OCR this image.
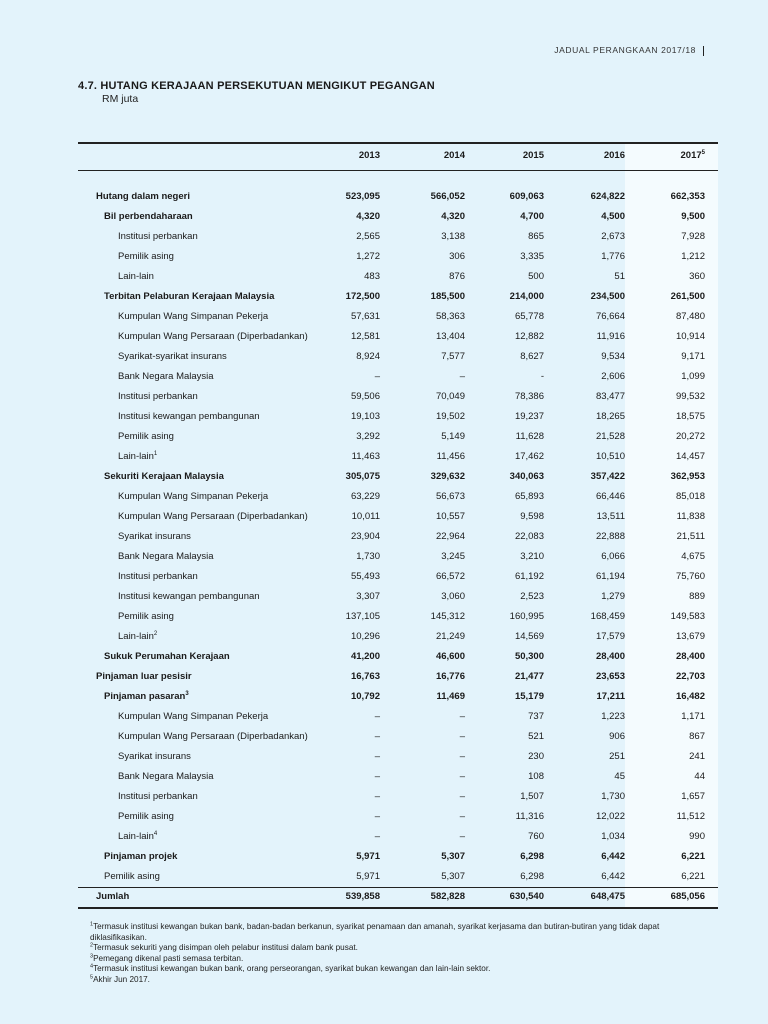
JADUAL PERANGKAAN 2017/18
4.7. HUTANG KERAJAAN PERSEKUTUAN MENGIKUT PEGANGAN
RM juta
2013	2014	2015	2016	2017$^5$
Hutang dalam negeri	523,095	566,052	609,063	624,822	662,353
Bil perbendaharaan	4,320	4,320	4,700	4,500	9,500
Institusi perbankan	2,565	3,138	865	2,673	7,928
Pemilik asing	1,272	306	3,335	1,776	1,212
Lain-lain	483	876	500	51	360
Terbitan Pelaburan Kerajaan Malaysia	172,500	185,500	214,000	234,500	261,500
Kumpulan Wang Simpanan Pekerja	57,631	58,363	65,778	76,664	87,480
Kumpulan Wang Persaraan (Diperbadankan)	12,581	13,404	12,882	11,916	10,914
Syarikat-syarikat insurans	8,924	7,577	8,627	9,534	9,171
Bank Negara Malaysia	–	–	-	2,606	1,099
Institusi perbankan	59,506	70,049	78,386	83,477	99,532
Institusi kewangan pembangunan	19,103	19,502	19,237	18,265	18,575
Pemilik asing	3,292	5,149	11,628	21,528	20,272
Lain-lain$^1$	11,463	11,456	17,462	10,510	14,457
Sekuriti Kerajaan Malaysia	305,075	329,632	340,063	357,422	362,953
Kumpulan Wang Simpanan Pekerja	63,229	56,673	65,893	66,446	85,018
Kumpulan Wang Persaraan (Diperbadankan)	10,011	10,557	9,598	13,511	11,838
Syarikat insurans	23,904	22,964	22,083	22,888	21,511
Bank Negara Malaysia	1,730	3,245	3,210	6,066	4,675
Institusi perbankan	55,493	66,572	61,192	61,194	75,760
Institusi kewangan pembangunan	3,307	3,060	2,523	1,279	889
Pemilik asing	137,105	145,312	160,995	168,459	149,583
Lain-lain$^2$	10,296	21,249	14,569	17,579	13,679
Sukuk Perumahan Kerajaan	41,200	46,600	50,300	28,400	28,400
Pinjaman luar pesisir	16,763	16,776	21,477	23,653	22,703
Pinjaman pasaran$^3$	10,792	11,469	15,179	17,211	16,482
Kumpulan Wang Simpanan Pekerja	–	–	737	1,223	1,171
Kumpulan Wang Persaraan (Diperbadankan)	–	–	521	906	867
Syarikat insurans	–	–	230	251	241
Bank Negara Malaysia	–	–	108	45	44
Institusi perbankan	–	–	1,507	1,730	1,657
Pemilik asing	–	–	11,316	12,022	11,512
Lain-lain$^4$	–	–	760	1,034	990
Pinjaman projek	5,971	5,307	6,298	6,442	6,221
Pemilik asing	5,971	5,307	6,298	6,442	6,221
Jumlah	539,858	582,828	630,540	648,475	685,056
$^1$Termasuk institusi kewangan bukan bank, badan-badan berkanun, syarikat penamaan dan amanah, syarikat kerjasama dan butiran-butiran yang tidak dapat diklasifikasikan.
$^2$Termasuk sekuriti yang disimpan oleh pelabur institusi dalam bank pusat.
$^3$Pemegang dikenal pasti semasa terbitan.
$^4$Termasuk institusi kewangan bukan bank, orang perseorangan, syarikat bukan kewangan dan lain-lain sektor.
$^5$Akhir Jun 2017.
